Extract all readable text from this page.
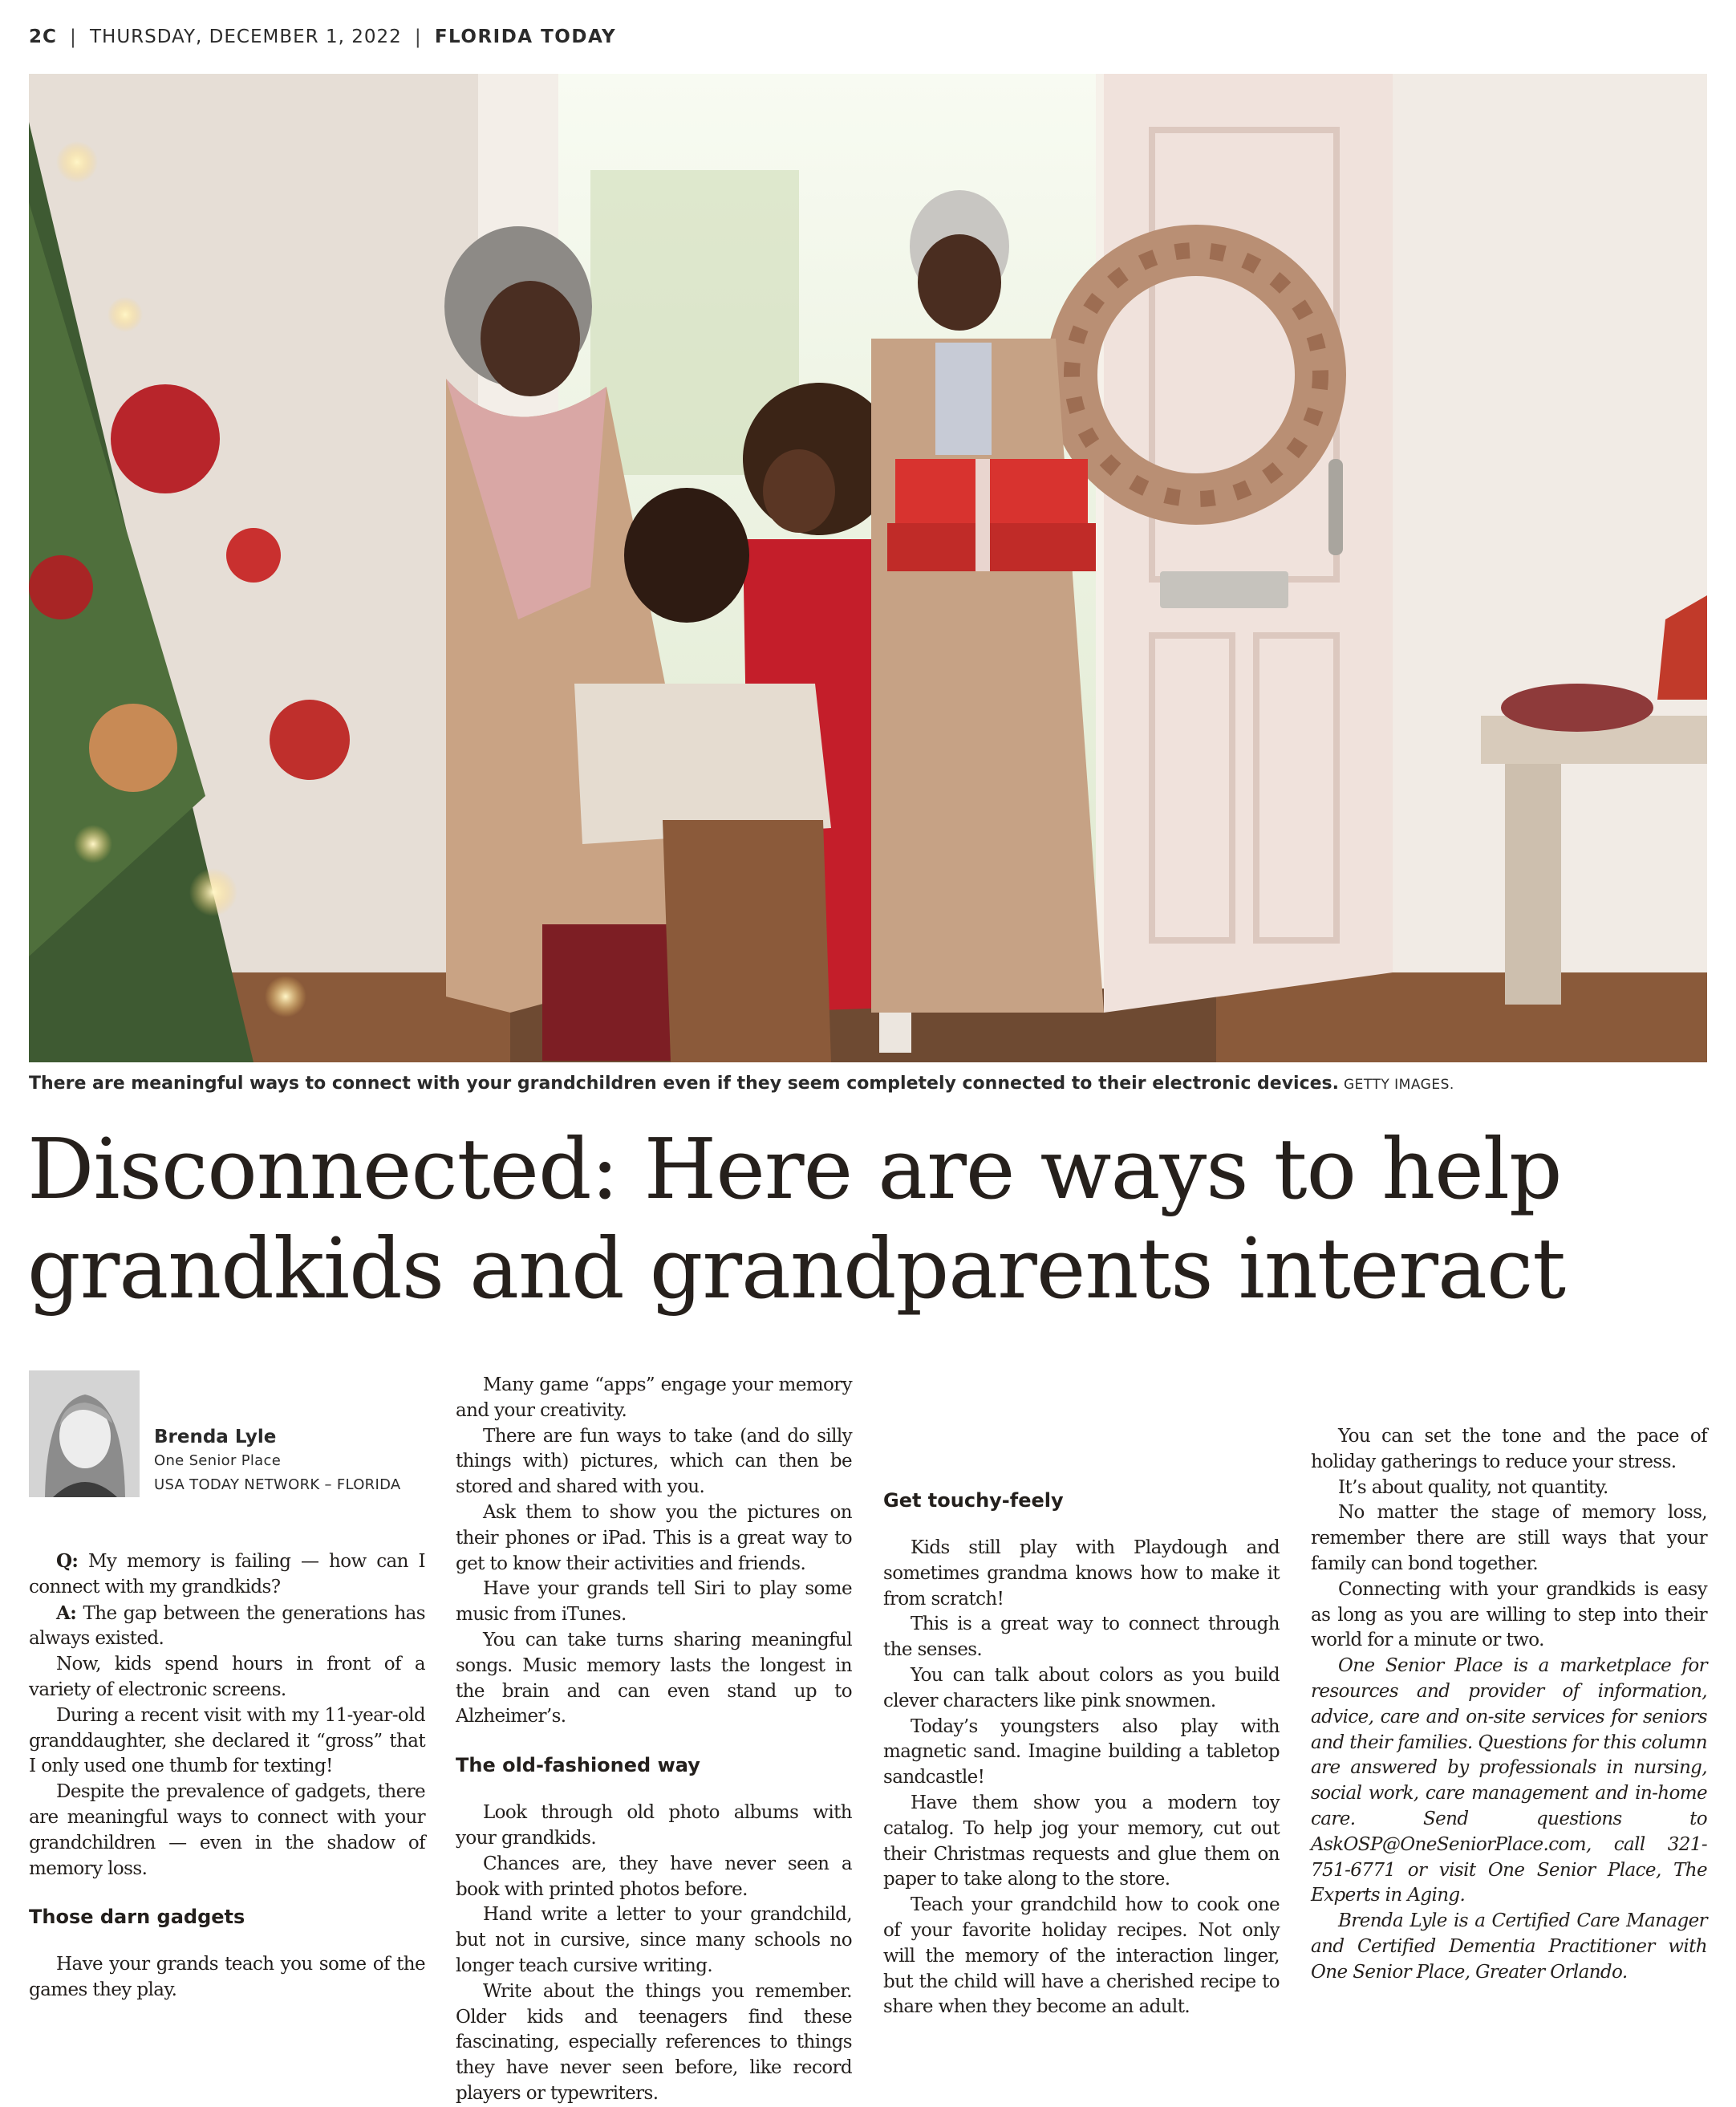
2C | THURSDAY, DECEMBER 1, 2022 | FLORIDA TODAY
There are meaningful ways to connect with your grandchildren even if they seem completely connected to their electronic devices. GETTY IMAGES.
Disconnected: Here are ways to help
grandkids and grandparents interact
Brenda Lyle
One Senior Place
USA TODAY NETWORK – FLORIDA

Q: My memory is failing — how can I connect with my grandkids?

A: The gap between the generations has always existed.

Now, kids spend hours in front of a variety of electronic screens.

During a recent visit with my 11-year-old granddaughter, she declared it “gross” that I only used one thumb for texting!

Despite the prevalence of gadgets, there are meaningful ways to connect with your grandchildren — even in the shadow of memory loss.

Those darn gadgets

Have your grands teach you some of the games they play.

Many game “apps” engage your memory and your creativity.

There are fun ways to take (and do silly things with) pictures, which can then be stored and shared with you.

Ask them to show you the pictures on their phones or iPad. This is a great way to get to know their activities and friends.

Have your grands tell Siri to play some music from iTunes.

You can take turns sharing meaningful songs. Music memory lasts the longest in the brain and can even stand up to Alzheimer’s.

The old-fashioned way

Look through old photo albums with your grandkids.

Chances are, they have never seen a book with printed photos before.

Hand write a letter to your grandchild, but not in cursive, since many schools no longer teach cursive writing.

Write about the things you remember. Older kids and teenagers find these fascinating, especially references to things they have never seen before, like record players or typewriters.

Get touchy-feely

Kids still play with Playdough and sometimes grandma knows how to make it from scratch!

This is a great way to connect through the senses.

You can talk about colors as you build clever characters like pink snowmen.

Today’s youngsters also play with magnetic sand. Imagine building a tabletop sandcastle!

Have them show you a modern toy catalog. To help jog your memory, cut out their Christmas requests and glue them on paper to take along to the store.

Teach your grandchild how to cook one of your favorite holiday recipes. Not only will the memory of the interaction linger, but the child will have a cherished recipe to share when they become an adult.

You can set the tone and the pace of holiday gatherings to reduce your stress.

It’s about quality, not quantity.

No matter the stage of memory loss, remember there are still ways that your family can bond together.

Connecting with your grandkids is easy as long as you are willing to step into their world for a minute or two.

One Senior Place is a marketplace for resources and provider of information, advice, care and on-site services for seniors and their families. Questions for this column are answered by professionals in nursing, social work, care management and in-home care. Send questions to AskOSP@OneSeniorPlace.com, call 321-751-6771 or visit One Senior Place, The Experts in Aging.

Brenda Lyle is a Certified Care Manager and Certified Dementia Practitioner with One Senior Place, Greater Orlando.
